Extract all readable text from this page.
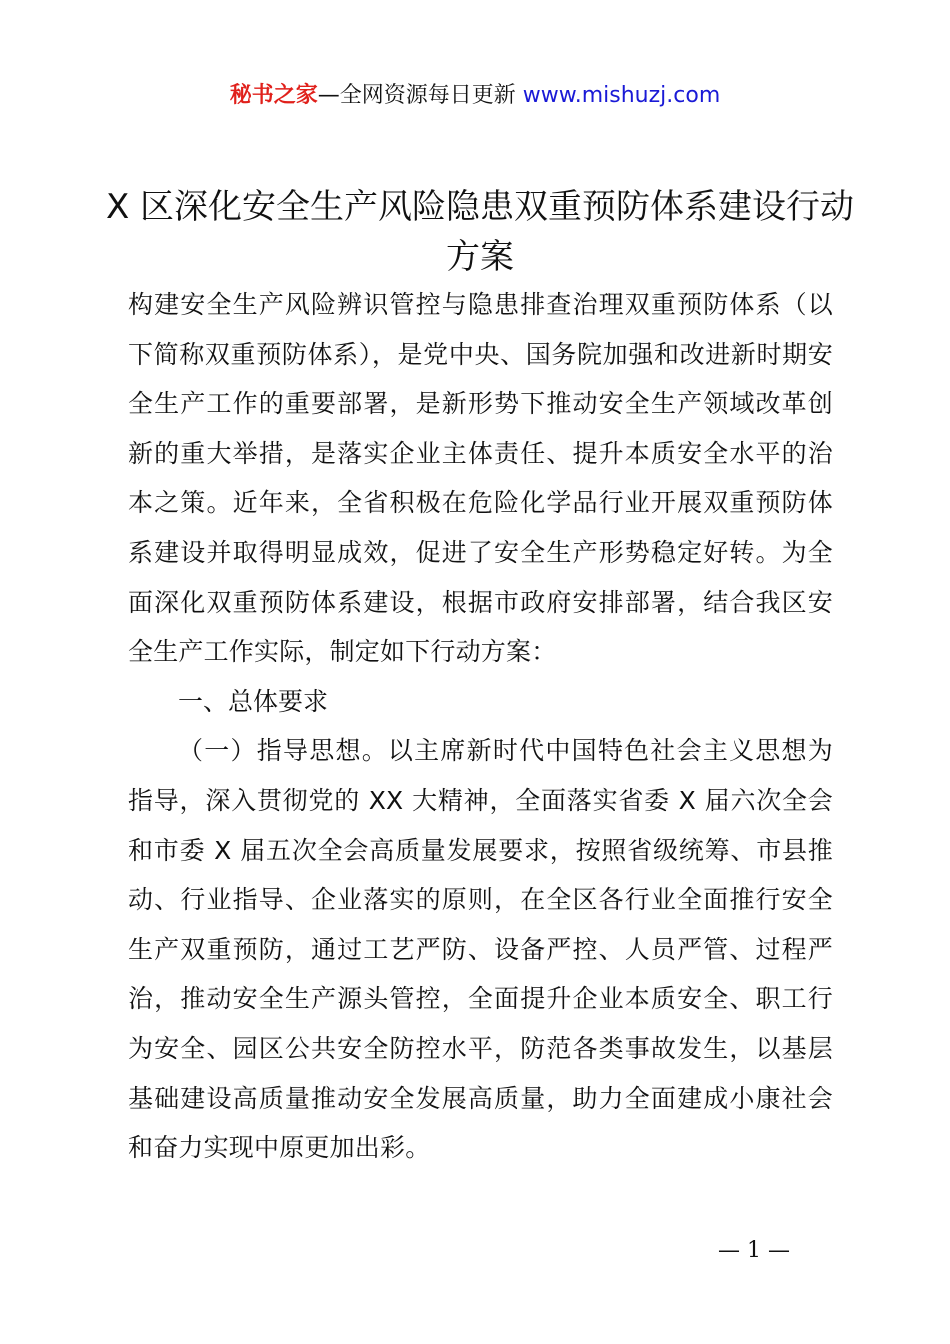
秘书之家—全网资源每日更新 www.mishuzj.com
X 区深化安全生产风险隐患双重预防体系建设行动方案

构建安全生产风险辨识管控与隐患排查治理双重预防体系（以下简称双重预防体系），是党中央、国务院加强和改进新时期安全生产工作的重要部署，是新形势下推动安全生产领域改革创新的重大举措，是落实企业主体责任、提升本质安全水平的治本之策。近年来，全省积极在危险化学品行业开展双重预防体系建设并取得明显成效，促进了安全生产形势稳定好转。为全面深化双重预防体系建设，根据市政府安排部署，结合我区安全生产工作实际，制定如下行动方案：

一、总体要求

（一）指导思想。以主席新时代中国特色社会主义思想为指导，深入贯彻党的 XX 大精神，全面落实省委 X 届六次全会和市委 X 届五次全会高质量发展要求，按照省级统筹、市县推动、行业指导、企业落实的原则，在全区各行业全面推行安全生产双重预防，通过工艺严防、设备严控、人员严管、过程严治，推动安全生产源头管控，全面提升企业本质安全、职工行为安全、园区公共安全防控水平，防范各类事故发生，以基层基础建设高质量推动安全发展高质量，助力全面建成小康社会和奋力实现中原更加出彩。

— 1 —
